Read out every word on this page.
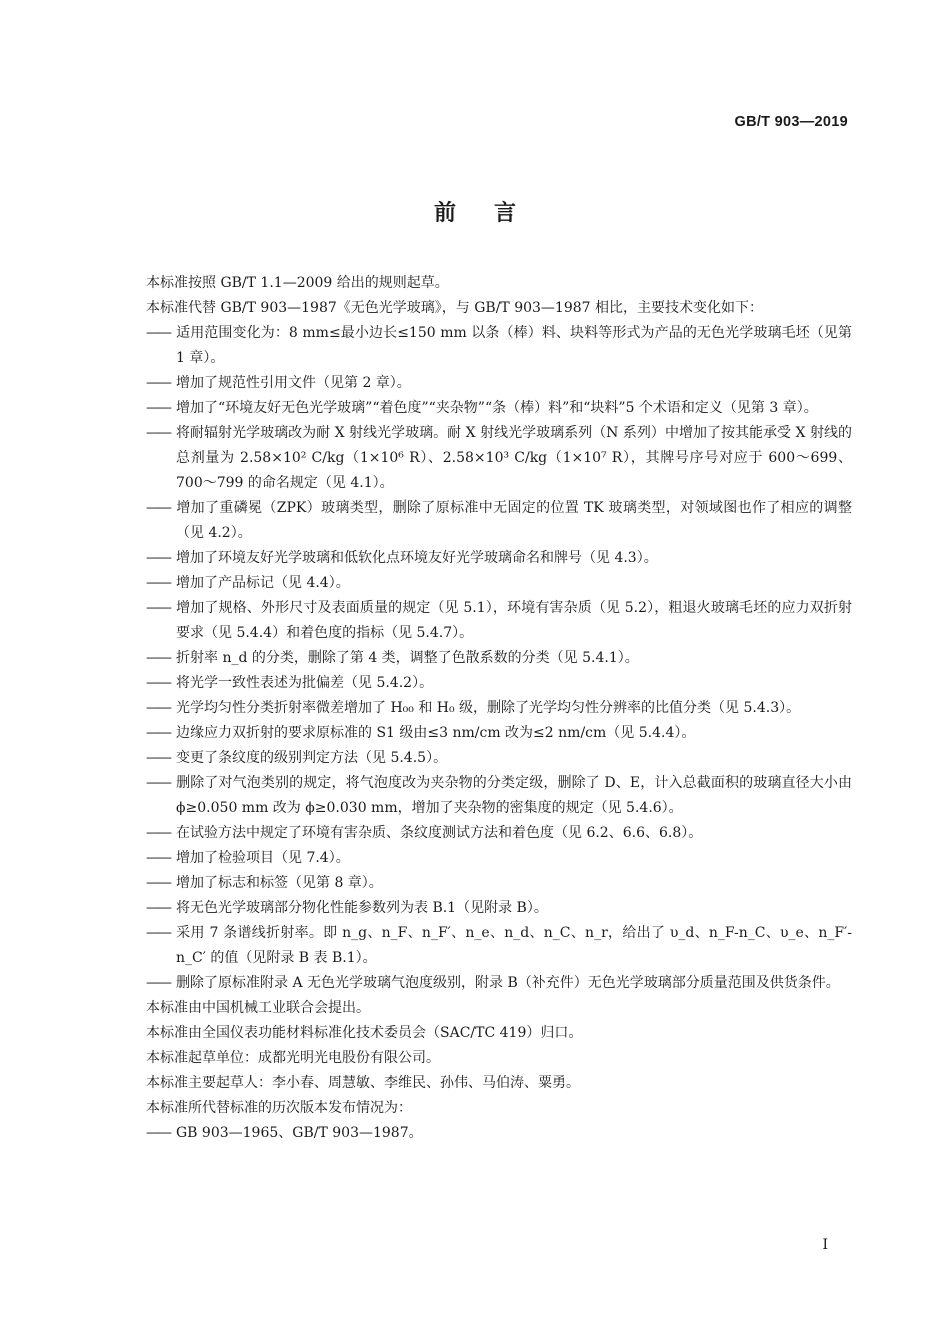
GB/T 903—2019
前言

本标准按照 GB/T 1.1—2009 给出的规则起草。

本标准代替 GB/T 903—1987《无色光学玻璃》，与 GB/T 903—1987 相比，主要技术变化如下：

—— 适用范围变化为：8 mm≤最小边长≤150 mm 以条（棒）料、块料等形式为产品的无色光学玻璃毛坯（见第 1 章）。

—— 增加了规范性引用文件（见第 2 章）。

—— 增加了“环境友好无色光学玻璃”“着色度”“夹杂物”“条（棒）料”和“块料”5 个术语和定义（见第 3 章）。

—— 将耐辐射光学玻璃改为耐 X 射线光学玻璃。耐 X 射线光学玻璃系列（N 系列）中增加了按其能承受 X 射线的总剂量为 2.58×10² C/kg（1×10⁶ R）、2.58×10³ C/kg（1×10⁷ R），其牌号序号对应于 600～699、700～799 的命名规定（见 4.1）。

—— 增加了重磷冕（ZPK）玻璃类型，删除了原标准中无固定的位置 TK 玻璃类型，对领域图也作了相应的调整（见 4.2）。

—— 增加了环境友好光学玻璃和低软化点环境友好光学玻璃命名和牌号（见 4.3）。

—— 增加了产品标记（见 4.4）。

—— 增加了规格、外形尺寸及表面质量的规定（见 5.1），环境有害杂质（见 5.2），粗退火玻璃毛坯的应力双折射要求（见 5.4.4）和着色度的指标（见 5.4.7）。

—— 折射率 n_d 的分类，删除了第 4 类，调整了色散系数的分类（见 5.4.1）。

—— 将光学一致性表述为批偏差（见 5.4.2）。

—— 光学均匀性分类折射率微差增加了 H₀₀ 和 H₀ 级，删除了光学均匀性分辨率的比值分类（见 5.4.3）。

—— 边缘应力双折射的要求原标准的 S1 级由≤3 nm/cm 改为≤2 nm/cm（见 5.4.4）。

—— 变更了条纹度的级别判定方法（见 5.4.5）。

—— 删除了对气泡类别的规定，将气泡度改为夹杂物的分类定级，删除了 D、E，计入总截面积的玻璃直径大小由 ϕ≥0.050 mm 改为 ϕ≥0.030 mm，增加了夹杂物的密集度的规定（见 5.4.6）。

—— 在试验方法中规定了环境有害杂质、条纹度测试方法和着色度（见 6.2、6.6、6.8）。

—— 增加了检验项目（见 7.4）。

—— 增加了标志和标签（见第 8 章）。

—— 将无色光学玻璃部分物化性能参数列为表 B.1（见附录 B）。

—— 采用 7 条谱线折射率。即 n_g、n_F、n_F′、n_e、n_d、n_C、n_r，给出了 υ_d、n_F-n_C、υ_e、n_F′-n_C′ 的值（见附录 B 表 B.1）。

—— 删除了原标准附录 A 无色光学玻璃气泡度级别，附录 B（补充件）无色光学玻璃部分质量范围及供货条件。

本标准由中国机械工业联合会提出。

本标准由全国仪表功能材料标准化技术委员会（SAC/TC 419）归口。

本标准起草单位：成都光明光电股份有限公司。

本标准主要起草人：李小春、周慧敏、李维民、孙伟、马伯涛、粟勇。

本标准所代替标准的历次版本发布情况为：

—— GB 903—1965、GB/T 903—1987。

I
